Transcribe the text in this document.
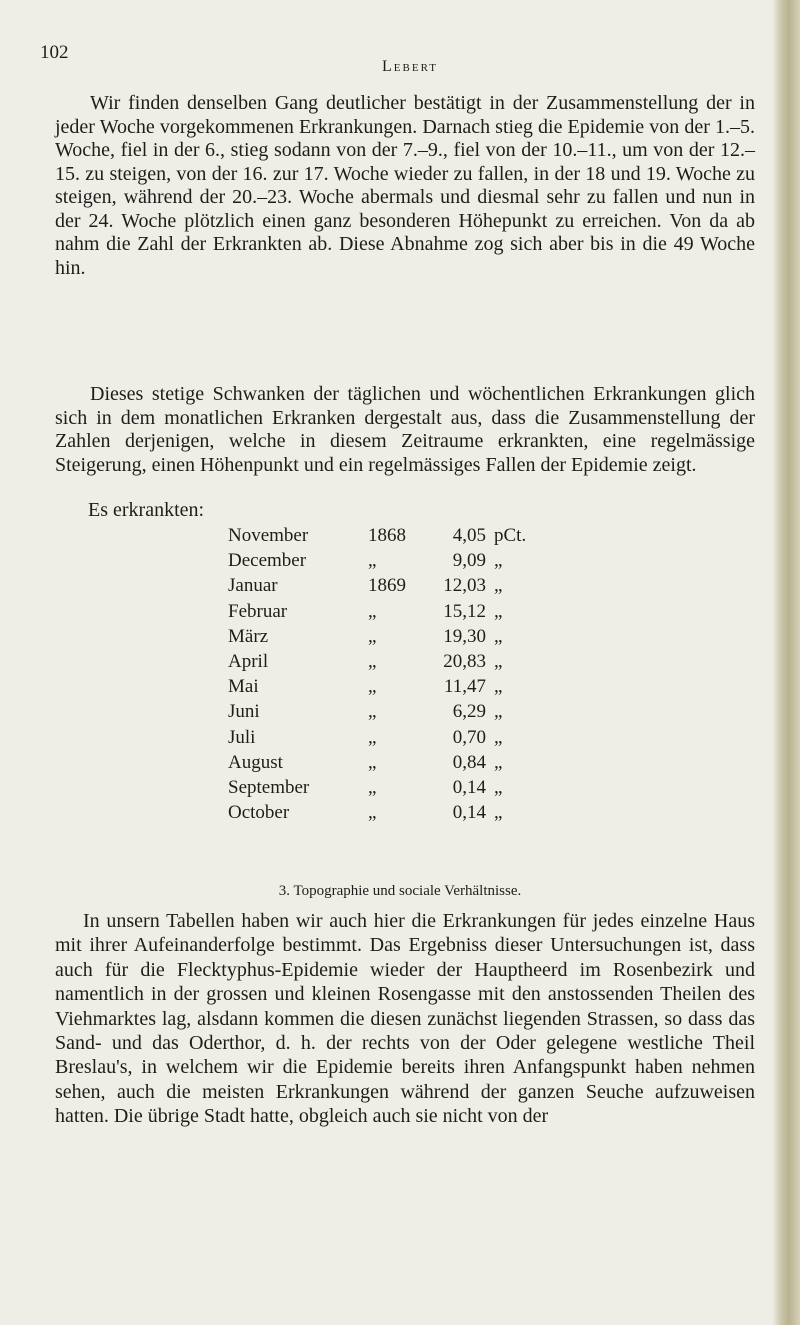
102
Lebert

Wir finden denselben Gang deutlicher bestätigt in der Zusammenstellung der in jeder Woche vorgekommenen Erkrankungen. Darnach stieg die Epidemie von der 1.–5. Woche, fiel in der 6., stieg sodann von der 7.–9., fiel von der 10.–11., um von der 12.–15. zu steigen, von der 16. zur 17. Woche wieder zu fallen, in der 18 und 19. Woche zu steigen, während der 20.–23. Woche abermals und diesmal sehr zu fallen und nun in der 24. Woche plötzlich einen ganz besonderen Höhepunkt zu erreichen. Von da ab nahm die Zahl der Erkrankten ab. Diese Abnahme zog sich aber bis in die 49 Woche hin.

Dieses stetige Schwanken der täglichen und wöchentlichen Erkrankungen glich sich in dem monatlichen Erkranken dergestalt aus, dass die Zusammenstellung der Zahlen derjenigen, welche in diesem Zeitraume erkrankten, eine regelmässige Steigerung, einen Höhenpunkt und ein regelmässiges Fallen der Epidemie zeigt.

Es erkrankten:
November	1868	4,05 pCt.
December	„	9,09 „
Januar	1869	12,03 „
Februar	„	15,12 „
März	„	19,30 „
April	„	20,83 „
Mai	„	11,47 „
Juni	„	6,29 „
Juli	„	0,70 „
August	„	0,84 „
September	„	0,14 „
October	„	0,14 „
3. Topographie und sociale Verhältnisse.

In unsern Tabellen haben wir auch hier die Erkrankungen für jedes einzelne Haus mit ihrer Aufeinanderfolge bestimmt. Das Ergebniss dieser Untersuchungen ist, dass auch für die Flecktyphus-Epidemie wieder der Hauptheerd im Rosenbezirk und namentlich in der grossen und kleinen Rosengasse mit den anstossenden Theilen des Viehmarktes lag, alsdann kommen die diesen zunächst liegenden Strassen, so dass das Sand- und das Oderthor, d. h. der rechts von der Oder gelegene westliche Theil Breslau's, in welchem wir die Epidemie bereits ihren Anfangspunkt haben nehmen sehen, auch die meisten Erkrankungen während der ganzen Seuche aufzuweisen hatten. Die übrige Stadt hatte, obgleich auch sie nicht von der
